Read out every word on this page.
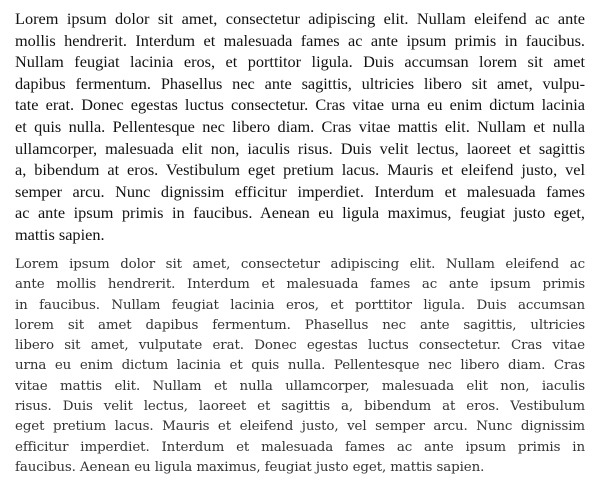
Lorem ipsum dolor sit amet, consectetur adipiscing elit. Nullam eleifend ac ante
mollis hendrerit. Interdum et malesuada fames ac ante ipsum primis in faucibus.
Nullam feugiat lacinia eros, et porttitor ligula. Duis accumsan lorem sit amet
dapibus fermentum. Phasellus nec ante sagittis, ultricies libero sit amet, vulpu-
tate erat. Donec egestas luctus consectetur. Cras vitae urna eu enim dictum lacinia
et quis nulla. Pellentesque nec libero diam. Cras vitae mattis elit. Nullam et nulla
ullamcorper, malesuada elit non, iaculis risus. Duis velit lectus, laoreet et sagittis
a, bibendum at eros. Vestibulum eget pretium lacus. Mauris et eleifend justo, vel
semper arcu. Nunc dignissim efficitur imperdiet. Interdum et malesuada fames
ac ante ipsum primis in faucibus. Aenean eu ligula maximus, feugiat justo eget,
mattis sapien.
Lorem ipsum dolor sit amet, consectetur adipiscing elit. Nullam eleifend ac
ante mollis hendrerit. Interdum et malesuada fames ac ante ipsum primis
in faucibus. Nullam feugiat lacinia eros, et porttitor ligula. Duis accumsan
lorem sit amet dapibus fermentum. Phasellus nec ante sagittis, ultricies
libero sit amet, vulputate erat. Donec egestas luctus consectetur. Cras vitae
urna eu enim dictum lacinia et quis nulla. Pellentesque nec libero diam. Cras
vitae mattis elit. Nullam et nulla ullamcorper, malesuada elit non, iaculis
risus. Duis velit lectus, laoreet et sagittis a, bibendum at eros. Vestibulum
eget pretium lacus. Mauris et eleifend justo, vel semper arcu. Nunc dignissim
efficitur imperdiet. Interdum et malesuada fames ac ante ipsum primis in
faucibus. Aenean eu ligula maximus, feugiat justo eget, mattis sapien.
